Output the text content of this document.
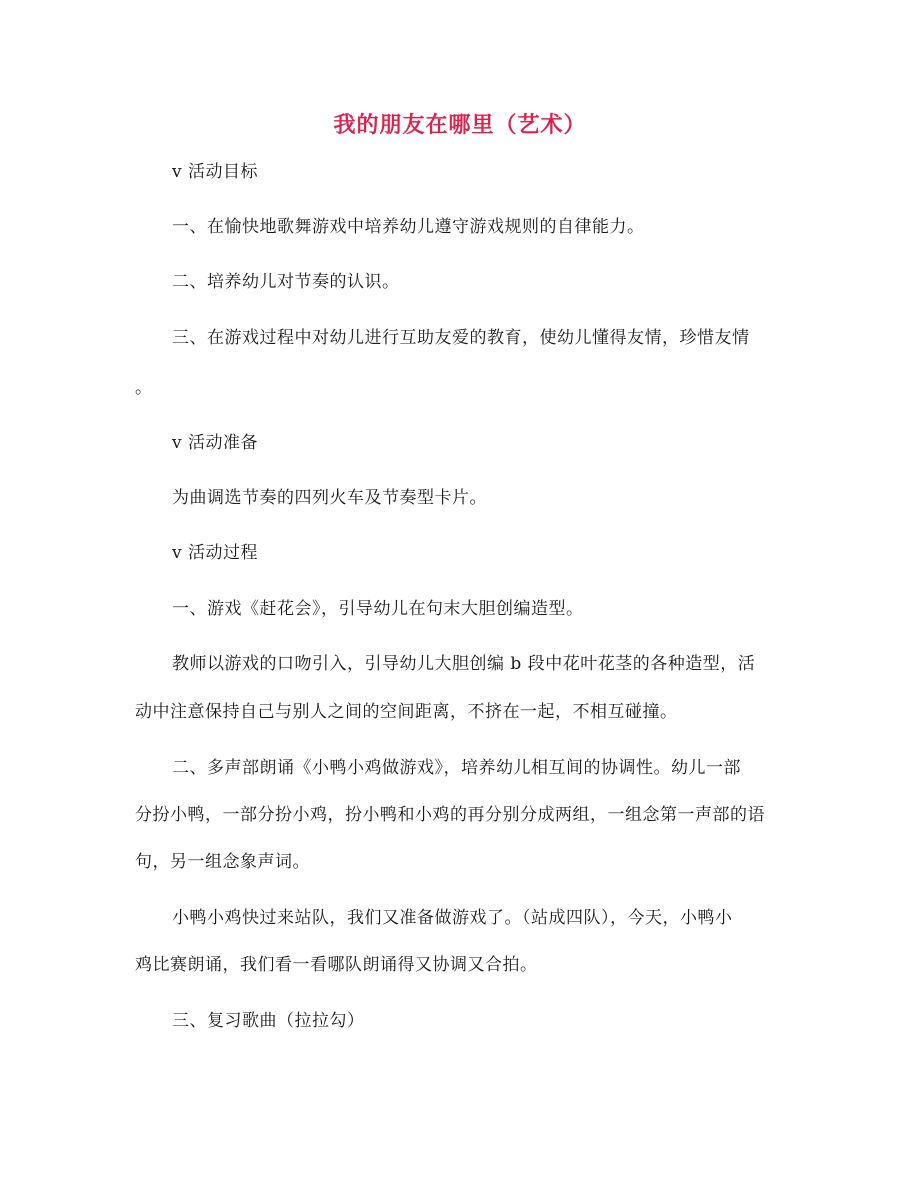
我的朋友在哪里（艺术）
v 活动目标
一、在愉快地歌舞游戏中培养幼儿遵守游戏规则的自律能力。
二、培养幼儿对节奏的认识。
三、在游戏过程中对幼儿进行互助友爱的教育，使幼儿懂得友情，珍惜友情
。
v 活动准备
为曲调选节奏的四列火车及节奏型卡片。
v 活动过程
一、游戏《赶花会》，引导幼儿在句末大胆创编造型。
教师以游戏的口吻引入，引导幼儿大胆创编 b 段中花叶花茎的各种造型，活
动中注意保持自己与别人之间的空间距离，不挤在一起，不相互碰撞。
二、多声部朗诵《小鸭小鸡做游戏》，培养幼儿相互间的协调性。幼儿一部
分扮小鸭，一部分扮小鸡，扮小鸭和小鸡的再分别分成两组，一组念第一声部的语
句，另一组念象声词。
小鸭小鸡快过来站队，我们又准备做游戏了。（站成四队），今天，小鸭小
鸡比赛朗诵，我们看一看哪队朗诵得又协调又合拍。
三、复习歌曲（拉拉勾）
